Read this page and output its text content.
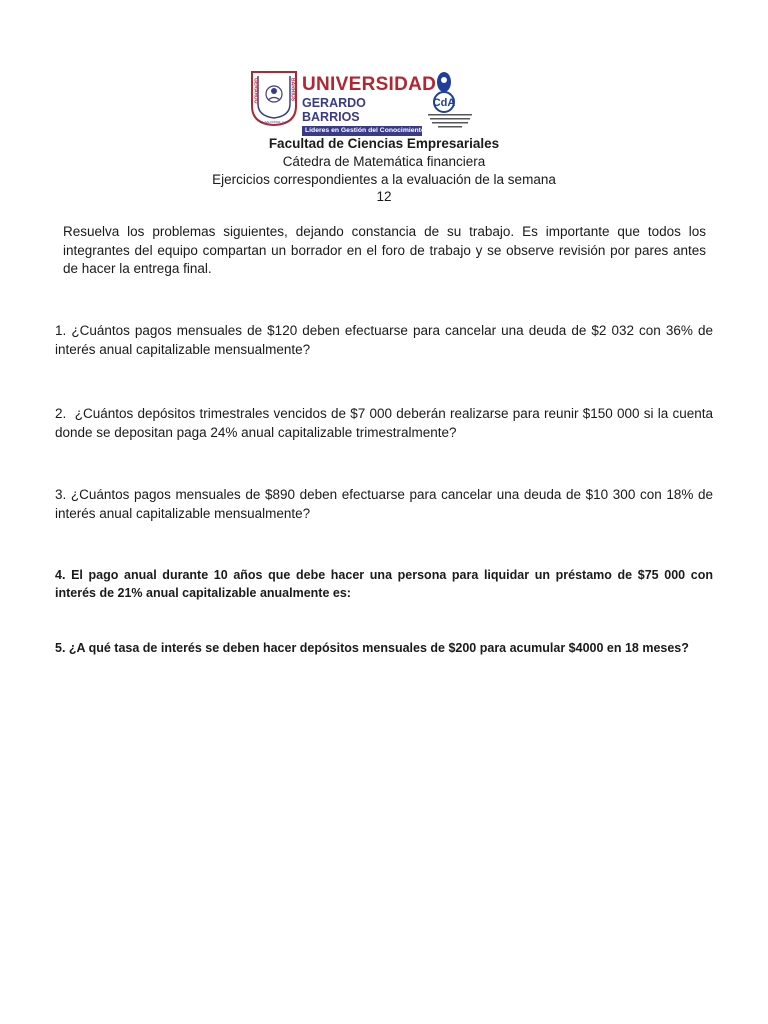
GERARDO	BARRIOS
EL SALVADOR, C.A.
UNIVERSIDAD
GERARDO BARRIOS
Líderes en Gestión del Conocimiento
CdA
Facultad de Ciencias Empresariales
Cátedra de Matemática financiera
Ejercicios correspondientes a la evaluación de la semana
12
Resuelva los problemas siguientes, dejando constancia de su trabajo. Es importante que todos los integrantes del equipo compartan un borrador en el foro de trabajo y se observe revisión por pares antes de hacer la entrega final.
1. ¿Cuántos pagos mensuales de $120 deben efectuarse para cancelar una deuda de $2 032 con 36% de interés anual capitalizable mensualmente?
2. ¿Cuántos depósitos trimestrales vencidos de $7 000 deberán realizarse para reunir $150 000 si la cuenta donde se depositan paga 24% anual capitalizable trimestralmente?
3. ¿Cuántos pagos mensuales de $890 deben efectuarse para cancelar una deuda de $10 300 con 18% de interés anual capitalizable mensualmente?
4. El pago anual durante 10 años que debe hacer una persona para liquidar un préstamo de $75 000 con interés de 21% anual capitalizable anualmente es:
5. ¿A qué tasa de interés se deben hacer depósitos mensuales de $200 para acumular $4000 en 18 meses?
